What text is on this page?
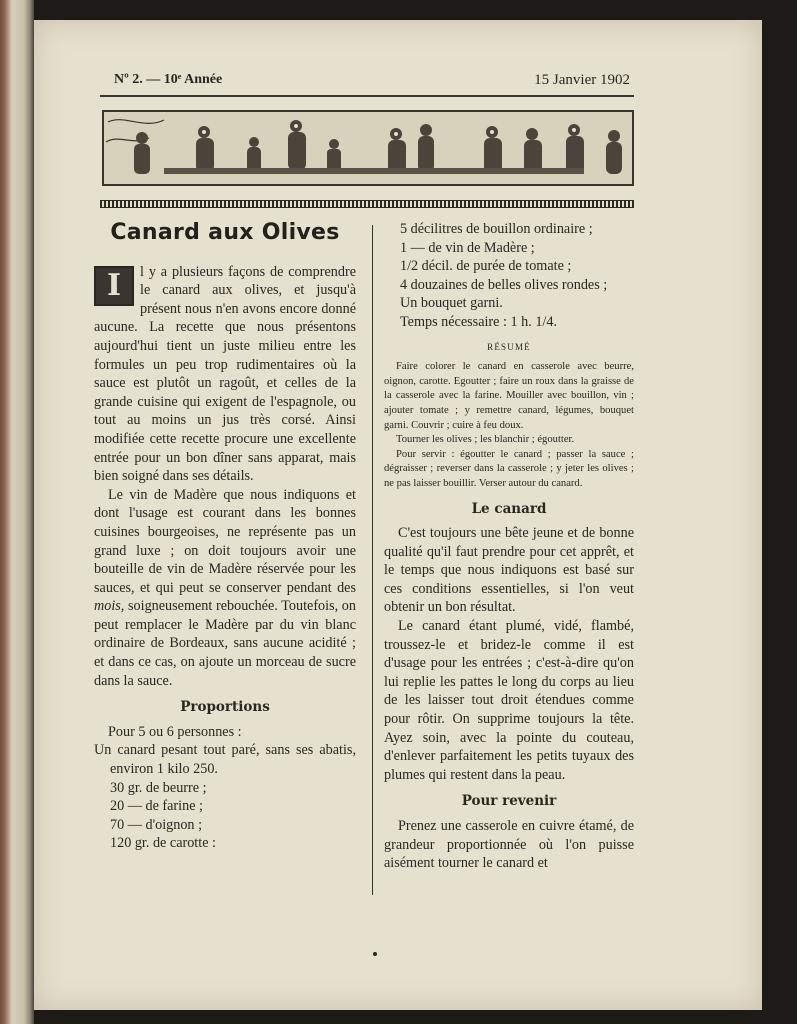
Nº 2. — 10ᵉ Année	15 Janvier 1902
Canard aux Olives

I	l y a plusieurs façons de comprendre le canard aux olives, et jusqu'à présent nous n'en avons encore donné aucune. La recette que nous présentons aujourd'hui tient un juste milieu entre les formules un peu trop rudimentaires où la sauce est plutôt un ragoût, et celles de la grande cuisine qui exigent de l'espagnole, ou tout au moins un jus très corsé. Ainsi modifiée cette recette procure une excellente entrée pour un bon dîner sans apparat, mais bien soigné dans ses détails.

Le vin de Madère que nous indiquons et dont l'usage est courant dans les bonnes cuisines bourgeoises, ne représente pas un grand luxe ; on doit toujours avoir une bouteille de vin de Madère réservée pour les sauces, et qui peut se conserver pendant des mois, soigneusement rebouchée. Toutefois, on peut remplacer le Madère par du vin blanc ordinaire de Bordeaux, sans aucune acidité ; et dans ce cas, on ajoute un morceau de sucre dans la sauce.

Proportions

Pour 5 ou 6 personnes :

Un canard pesant tout paré, sans ses abatis, environ 1 kilo 250.

30 gr. de beurre ;

20 — de farine ;

70 — d'oignon ;

120 gr. de carotte :

5 décilitres de bouillon ordinaire ;

1 — de vin de Madère ;

1/2 décil. de purée de tomate ;

4 douzaines de belles olives rondes ;

Un bouquet garni.

Temps nécessaire : 1 h. 1/4.

RÉSUMÉ

Faire colorer le canard en casserole avec beurre, oignon, carotte. Egoutter ; faire un roux dans la graisse de la casserole avec la farine. Mouiller avec bouillon, vin ; ajouter tomate ; y remettre canard, légumes, bouquet garni. Couvrir ; cuire à feu doux.

Tourner les olives ; les blanchir ; égoutter.

Pour servir : égoutter le canard ; passer la sauce ; dégraisser ; reverser dans la casserole ; y jeter les olives ; ne pas laisser bouillir. Verser autour du canard.

Le canard

C'est toujours une bête jeune et de bonne qualité qu'il faut prendre pour cet apprêt, et le temps que nous indiquons est basé sur ces conditions essentielles, si l'on veut obtenir un bon résultat.

Le canard étant plumé, vidé, flambé, troussez-le et bridez-le comme il est d'usage pour les entrées ; c'est-à-dire qu'on lui replie les pattes le long du corps au lieu de les laisser tout droit étendues comme pour rôtir. On supprime toujours la tête. Ayez soin, avec la pointe du couteau, d'enlever parfaitement les petits tuyaux des plumes qui restent dans la peau.

Pour revenir

Prenez une casserole en cuivre étamé, de grandeur proportionnée où l'on puisse aisément tourner le canard et
